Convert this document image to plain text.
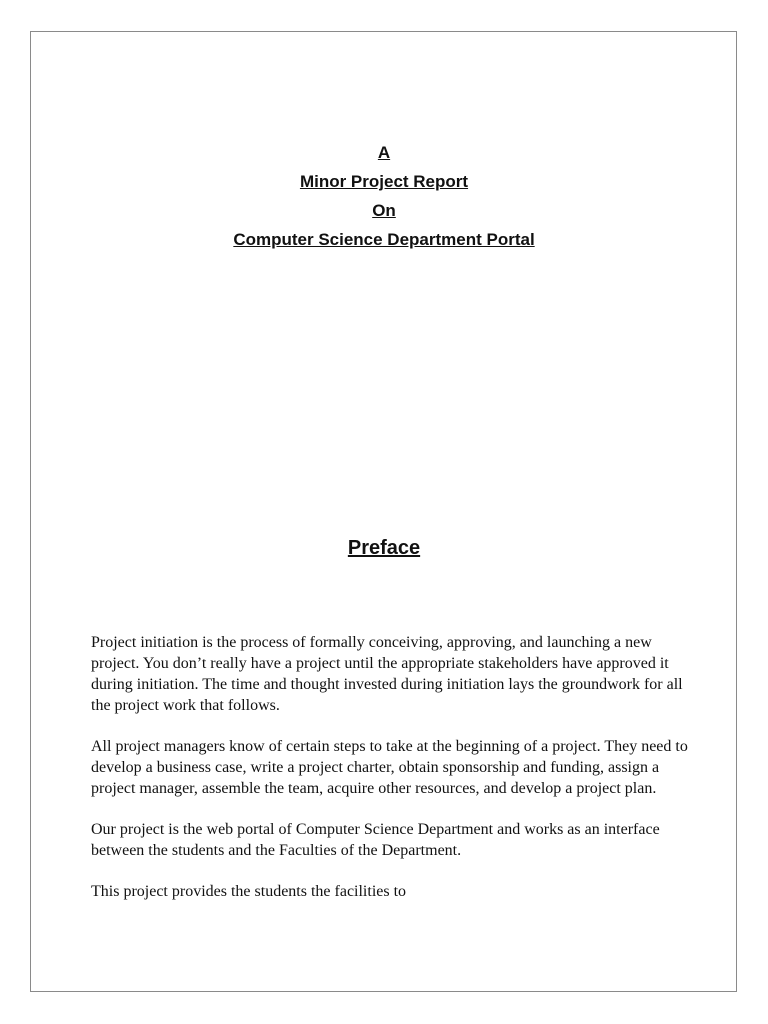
A
Minor Project Report
On
Computer Science Department Portal
Preface

Project initiation is the process of formally conceiving, approving, and launching a new project. You don’t really have a project until the appropriate stakeholders have approved it during initiation. The time and thought invested during initiation lays the groundwork for all the project work that follows.

All project managers know of certain steps to take at the beginning of a project. They need to develop a business case, write a project charter, obtain sponsorship and funding, assign a project manager, assemble the team, acquire other resources, and develop a project plan.

Our project is the web portal of Computer Science Department and works as an interface between the students and the Faculties of the Department.

This project provides the students the facilities to
